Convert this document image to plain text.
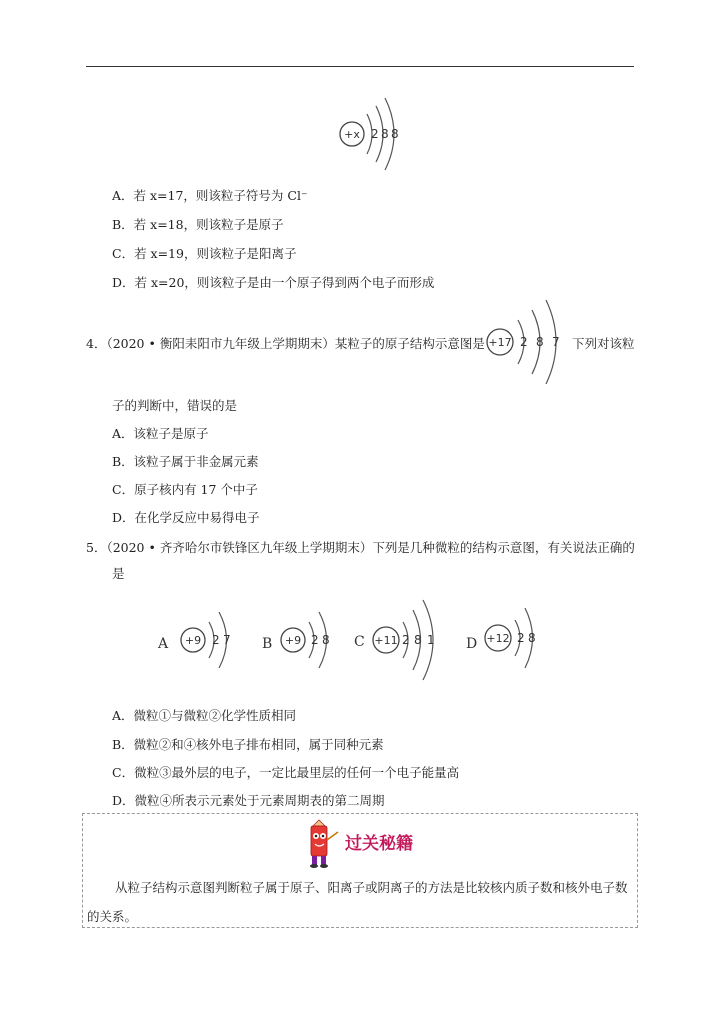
+x 2 8 8
A．若 x=17，则该粒子符号为 Cl⁻
B．若 x=18，则该粒子是原子
C．若 x=19，则该粒子是阳离子
D．若 x=20，则该粒子是由一个原子得到两个电子而形成
4．（2020 • 衡阳耒阳市九年级上学期期末）某粒子的原子结构示意图是 +17 2 8 7 下列对该粒
子的判断中，错误的是
A．该粒子是原子
B．该粒子属于非金属元素
C．原子核内有 17 个中子
D．在化学反应中易得电子
5．（2020 • 齐齐哈尔市铁锋区九年级上学期期末）下列是几种微粒的结构示意图，有关说法正确的
是
A +9 2 7 B +9 2 8 C +11 2 8 1 D +12 2 8
A．微粒①与微粒②化学性质相同
B．微粒②和④核外电子排布相同，属于同种元素
C．微粒③最外层的电子，一定比最里层的任何一个电子能量高
D．微粒④所表示元素处于元素周期表的第二周期
过关秘籍
从粒子结构示意图判断粒子属于原子、阳离子或阴离子的方法是比较核内质子数和核外电子数
的关系。
